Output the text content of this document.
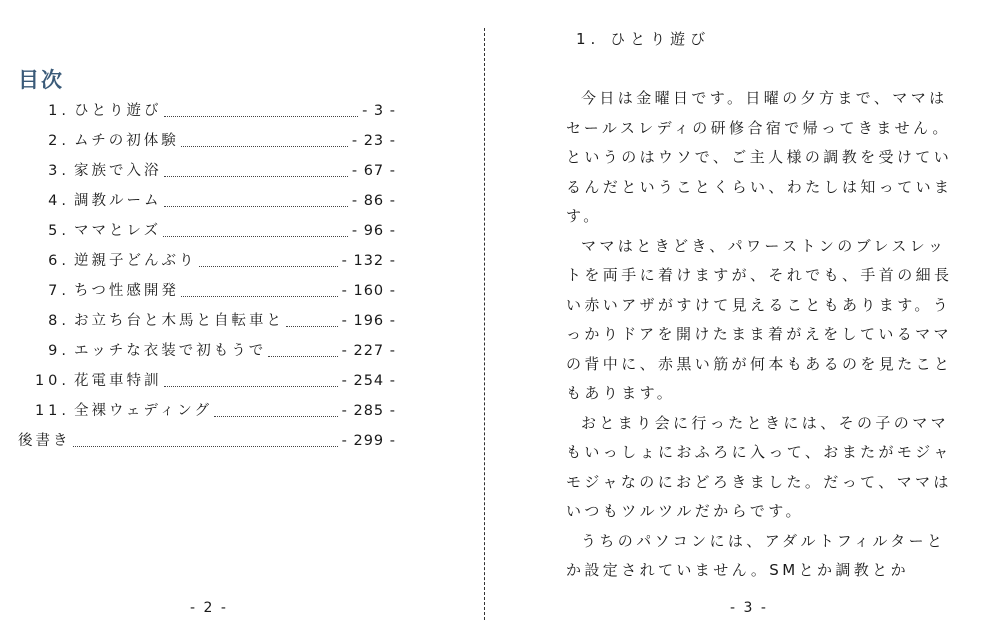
目次
1. ひとり遊び	- 3 -
2. ムチの初体験	- 23 -
3. 家族で入浴	- 67 -
4. 調教ルーム	- 86 -
5. ママとレズ	- 96 -
6. 逆親子どんぶり	- 132 -
7. ちつ性感開発	- 160 -
8. お立ち台と木馬と自転車と	- 196 -
9. エッチな衣装で初もうで	- 227 -
10. 花電車特訓	- 254 -
11. 全裸ウェディング	- 285 -
後書き	- 299 -
- 2 -
1. ひとり遊び

今日は金曜日です。日曜の夕方まで、ママはセールスレディの研修合宿で帰ってきません。というのはウソで、ご主人様の調教を受けているんだということくらい、わたしは知っています。

ママはときどき、パワーストンのブレスレットを両手に着けますが、それでも、手首の細長い赤いアザがすけて見えることもあります。うっかりドアを開けたまま着がえをしているママの背中に、赤黒い筋が何本もあるのを見たこともあります。

おとまり会に行ったときには、その子のママもいっしょにおふろに入って、おまたがモジャモジャなのにおどろきました。だって、ママはいつもツルツルだからです。

うちのパソコンには、アダルトフィルターとか設定されていません。SMとか調教とか

- 3 -
